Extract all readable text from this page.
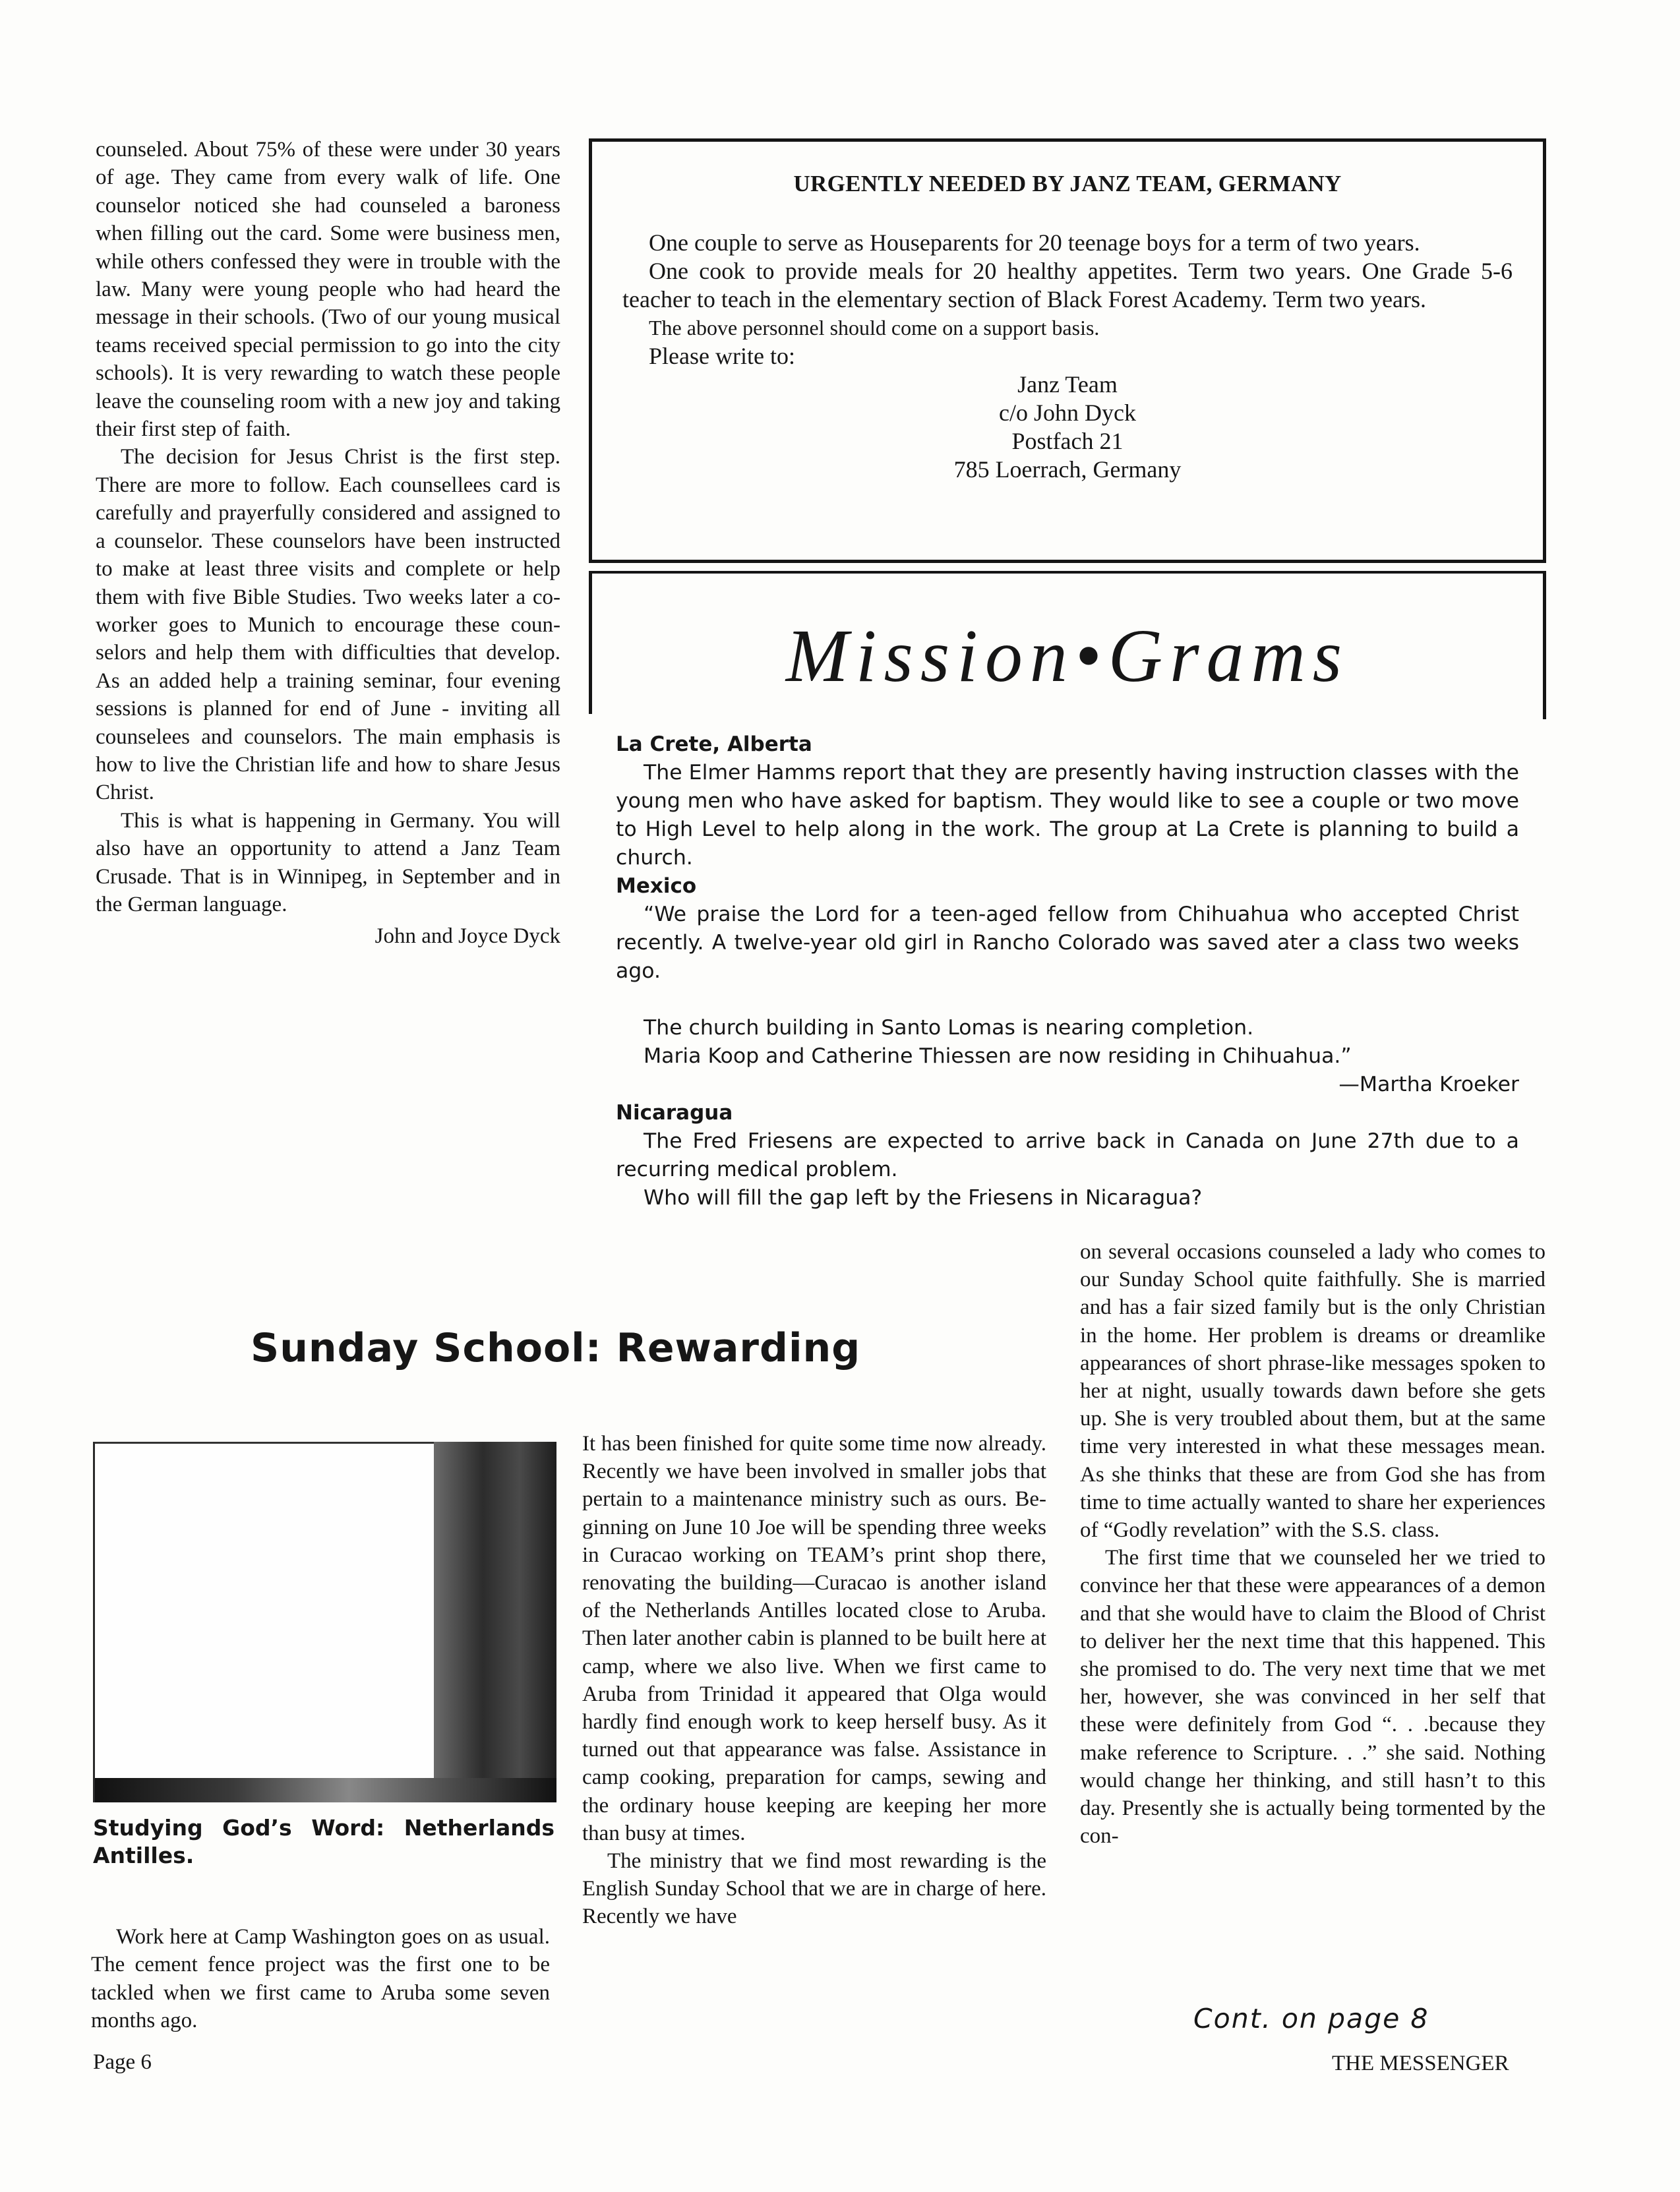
counseled. About 75% of these were under 30 years of age. They came from every walk of life. One counselor noticed she had counseled a baroness when filling out the card. Some were business men, while others confessed they were in trouble with the law. Many were young people who had heard the message in their schools. (Two of our young musical teams received special permission to go into the city schools). It is very rewarding to watch these people leave the counseling room with a new joy and taking their first step of faith.

The decision for Jesus Christ is the first step. There are more to follow. Each counsellees card is carefully and prayerfully considered and assigned to a counselor. These counselors have been instructed to make at least three visits and complete or help them with five Bible Studies. Two weeks later a co-worker goes to Munich to encourage these counselors and help them with difficulties that develop. As an added help a training seminar, four evening sessions is planned for end of June - inviting all counselees and counselors. The main emphasis is how to live the Christian life and how to share Jesus Christ.

This is what is happening in Germany. You will also have an opportunity to attend a Janz Team Crusade. That is in Winnipeg, in September and in the German language.

John and Joyce Dyck

URGENTLY NEEDED BY JANZ TEAM, GERMANY

One couple to serve as Houseparents for 20 teenage boys for a term of two years.

One cook to provide meals for 20 healthy appetites. Term two years. One Grade 5-6 teacher to teach in the elementary section of Black Forest Academy. Term two years.

The above personnel should come on a support basis.

Please write to:

Janz Team
c/o John Dyck
Postfach 21
785 Loerrach, Germany
Mission•Grams
La Crete, Alberta

The Elmer Hamms report that they are presently having instruction classes with the young men who have asked for baptism. They would like to see a couple or two move to High Level to help along in the work. The group at La Crete is planning to build a church.

Mexico

“We praise the Lord for a teen-aged fellow from Chihuahua who accepted Christ recently. A twelve-year old girl in Rancho Colorado was saved ater a class two weeks ago.

The church building in Santo Lomas is nearing completion.

Maria Koop and Catherine Thiessen are now residing in Chihuahua.”

—Martha Kroeker

Nicaragua

The Fred Friesens are expected to arrive back in Canada on June 27th due to a recurring medical problem.

Who will fill the gap left by the Friesens in Nicaragua?

Sunday School: Rewarding
Studying God’s Word: Netherlands Antilles.

Work here at Camp Washington goes on as usual. The cement fence project was the first one to be tackled when we first came to Aruba some seven months ago.

It has been finished for quite some time now already. Recently we have been involved in smaller jobs that pertain to a maintenance ministry such as ours. Beginning on June 10 Joe will be spending three weeks in Curacao working on TEAM’s print shop there, renovating the building—Curacao is another island of the Netherlands Antilles located close to Aruba. Then later another cabin is planned to be built here at camp, where we also live. When we first came to Aruba from Trinidad it appeared that Olga would hardly find enough work to keep herself busy. As it turned out that appearance was false. Assistance in camp cooking, preparation for camps, sewing and the ordinary house keeping are keeping her more than busy at times.

The ministry that we find most rewarding is the English Sunday School that we are in charge of here. Recently we have

on several occasions counseled a lady who comes to our Sunday School quite faithfully. She is married and has a fair sized family but is the only Christian in the home. Her problem is dreams or dreamlike appearances of short phrase-like messages spoken to her at night, usually towards dawn before she gets up. She is very troubled about them, but at the same time very interested in what these messages mean. As she thinks that these are from God she has from time to time actually wanted to share her experiences of “Godly revelation” with the S.S. class.

The first time that we counseled her we tried to convince her that these were appearances of a demon and that she would have to claim the Blood of Christ to deliver her the next time that this happened. This she promised to do. The very next time that we met her, however, she was convinced in her self that these were definitely from God “. . .because they make reference to Scripture. . .” she said. Nothing would change her thinking, and still hasn’t to this day. Presently she is actually being tormented by the con-

Cont. on page 8
Page 6	THE MESSENGER
